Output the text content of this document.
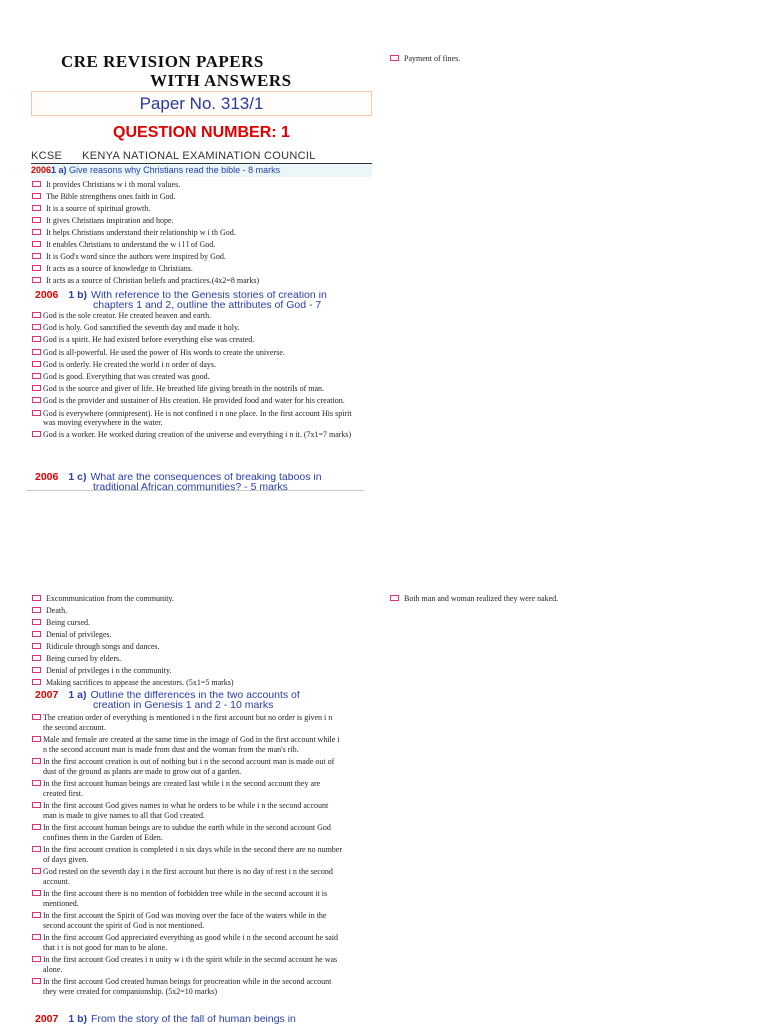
CRE REVISION PAPERS
WITH ANSWERS
Paper No. 313/1
QUESTION NUMBER: 1
KCSE KENYA NATIONAL EXAMINATION COUNCIL
20061 a) Give reasons why Christians read the bible - 8 marks
It provides Christians w i th moral values.
The Bible strengthens ones faith in God.
It is a source of spiritual growth.
It gives Christians inspiration and hope.
It helps Christians understand their relationship w i th God.
It enables Christians to understand the w i l l of God.
It is God's word since the authors were inspired by God.
It acts as a source of knowledge to Christians.
It acts as a source of Christian beliefs and practices.(4x2=8 marks)
2006 1 b) With reference to the Genesis stories of creation in
chapters 1 and 2, outline the attributes of God - 7
God is the sole creator. He created heaven and earth.
God is holy. God sanctified the seventh day and made it holy.
God is a spirit. He had existed before everything else was created.
God is all-powerful. He used the power of His words to create the universe.
God is orderly. He created the world i n order of days.
God is good. Everything that was created was good.
God is the source and giver of life. He breathed life giving breath in the nostrils of man.
God is the provider and sustainer of His creation. He provided food and water for his creation.
God is everywhere (omnipresent). He is not confined i n one place. In the first account His spirit was moving everywhere in the water.
God is a worker. He worked during creation of the universe and everything i n it. (7x1=7 marks)
2006 1 c) What are the consequences of breaking taboos in
traditional African communities? - 5 marks
Payment of fines.
Excommunication from the community.
Death.
Being cursed.
Denial of privileges.
Ridicule through songs and dances.
Being cursed by elders.
Denial of privileges i n the community.
Making sacrifices to appease the ancestors. (5x1=5 marks)
2007 1 a) Outline the differences in the two accounts of
creation in Genesis 1 and 2 - 10 marks
The creation order of everything is mentioned i n the first account but no order is given i n the second account.
Male and female are created at the same time in the image of God in the first account while i n the second account man is made from dust and the woman from the man's rib.
In the first account creation is out of nothing but i n the second account man is made out of dust of the ground as plants are made to grow out of a garden.
In the first account human beings are created last while i n the second account they are created first.
In the first account God gives names to what he orders to be while i n the second account man is made to give names to all that God created.
In the first account human beings are to subdue the earth while in the second account God confines them in the Garden of Eden.
In the first account creation is completed i n six days while in the second there are no number of days given.
God rested on the seventh day i n the first account but there is no day of rest i n the second account.
In the first account there is no mention of forbidden tree while in the second account it is mentioned.
In the first account the Spirit of God was moving over the face of the waters while in the second account the spirit of God is not mentioned.
In the first account God appreciated everything as good while i n the second account he said that i t is not good for man to be alone.
In the first account God creates i n unity w i th the spirit while in the second account he was alone.
In the first account God created human beings for procreation while in the second account they were created for companionship. (5x2=10 marks)
2007 1 b) From the story of the fall of human beings in
Both man and woman realized they were naked.
